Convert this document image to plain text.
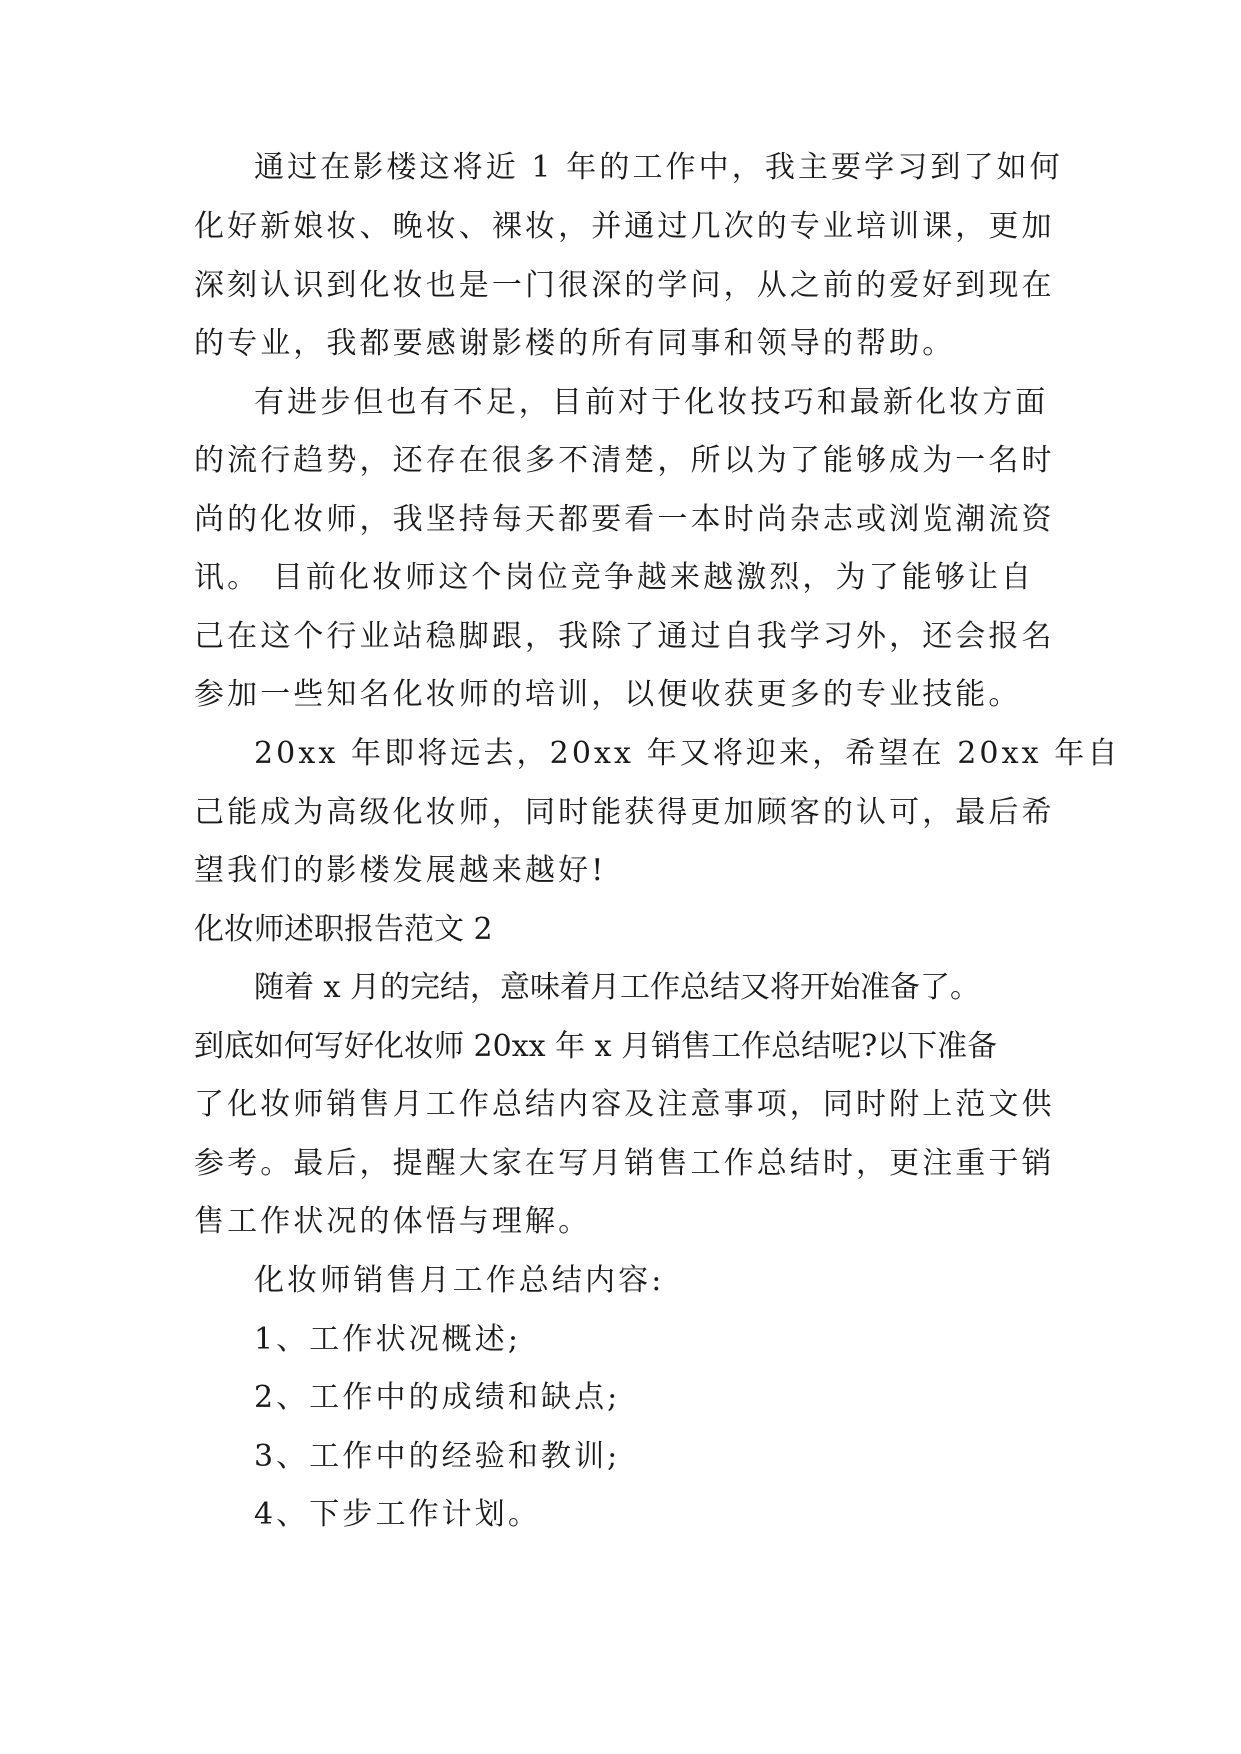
通过在影楼这将近 1 年的工作中，我主要学习到了如何
化好新娘妆、晚妆、裸妆，并通过几次的专业培训课，更加
深刻认识到化妆也是一门很深的学问，从之前的爱好到现在
的专业，我都要感谢影楼的所有同事和领导的帮助。
有进步但也有不足，目前对于化妆技巧和最新化妆方面
的流行趋势，还存在很多不清楚，所以为了能够成为一名时
尚的化妆师，我坚持每天都要看一本时尚杂志或浏览潮流资
讯。 目前化妆师这个岗位竞争越来越激烈，为了能够让自
己在这个行业站稳脚跟，我除了通过自我学习外，还会报名
参加一些知名化妆师的培训，以便收获更多的专业技能。
20xx 年即将远去，20xx 年又将迎来，希望在 20xx 年自
己能成为高级化妆师，同时能获得更加顾客的认可，最后希
望我们的影楼发展越来越好!
化妆师述职报告范文 2
随着 x 月的完结，意味着月工作总结又将开始准备了。
到底如何写好化妆师 20xx 年 x 月销售工作总结呢?以下准备
了化妆师销售月工作总结内容及注意事项，同时附上范文供
参考。最后，提醒大家在写月销售工作总结时，更注重于销
售工作状况的体悟与理解。
化妆师销售月工作总结内容:
1、工作状况概述;
2、工作中的成绩和缺点;
3、工作中的经验和教训;
4、下步工作计划。
